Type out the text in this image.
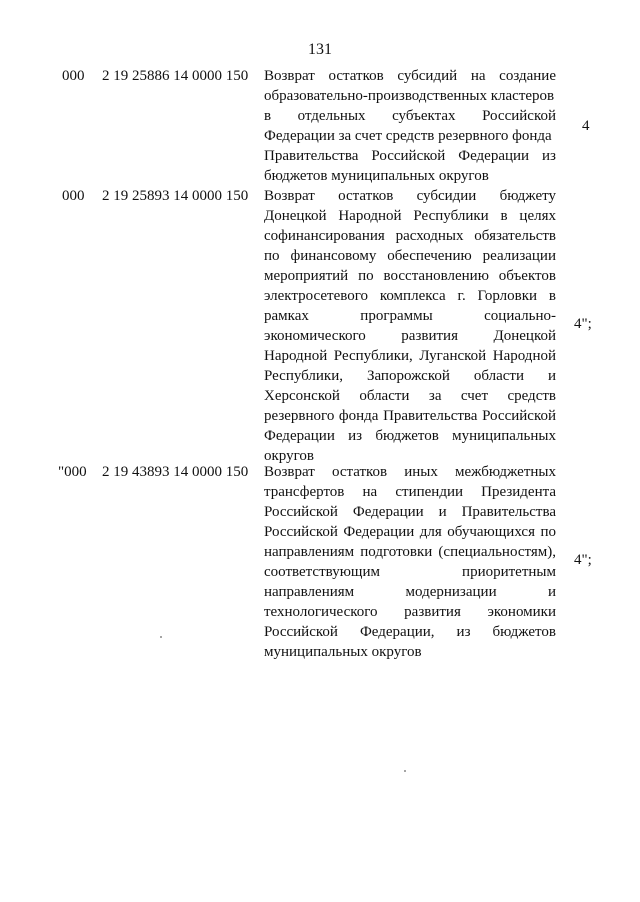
131
000 2 19 25886 14 0000 150 Возврат остатков субсидий на создание
образовательно-производственных кластеров
в отдельных субъектах Российской
Федерации за счет средств резервного фонда
Правительства Российской Федерации из
бюджетов муниципальных округов
4
000 2 19 25893 14 0000 150 Возврат остатков субсидии бюджету
Донецкой Народной Республики в целях
софинансирования расходных обязательств
по финансовому обеспечению реализации
мероприятий по восстановлению объектов
электросетевого комплекса г. Горловки в
рамках программы социально-
экономического развития Донецкой
Народной Республики, Луганской Народной
Республики, Запорожской области и
Херсонской области за счет средств
резервного фонда Правительства Российской
Федерации из бюджетов муниципальных
округов
4";
"000 2 19 43893 14 0000 150 Возврат остатков иных межбюджетных
трансфертов на стипендии Президента
Российской Федерации и Правительства
Российской Федерации для обучающихся по
направлениям подготовки (специальностям),
соответствующим приоритетным
направлениям модернизации и
технологического развития экономики
Российской Федерации, из бюджетов
муниципальных округов
4";
